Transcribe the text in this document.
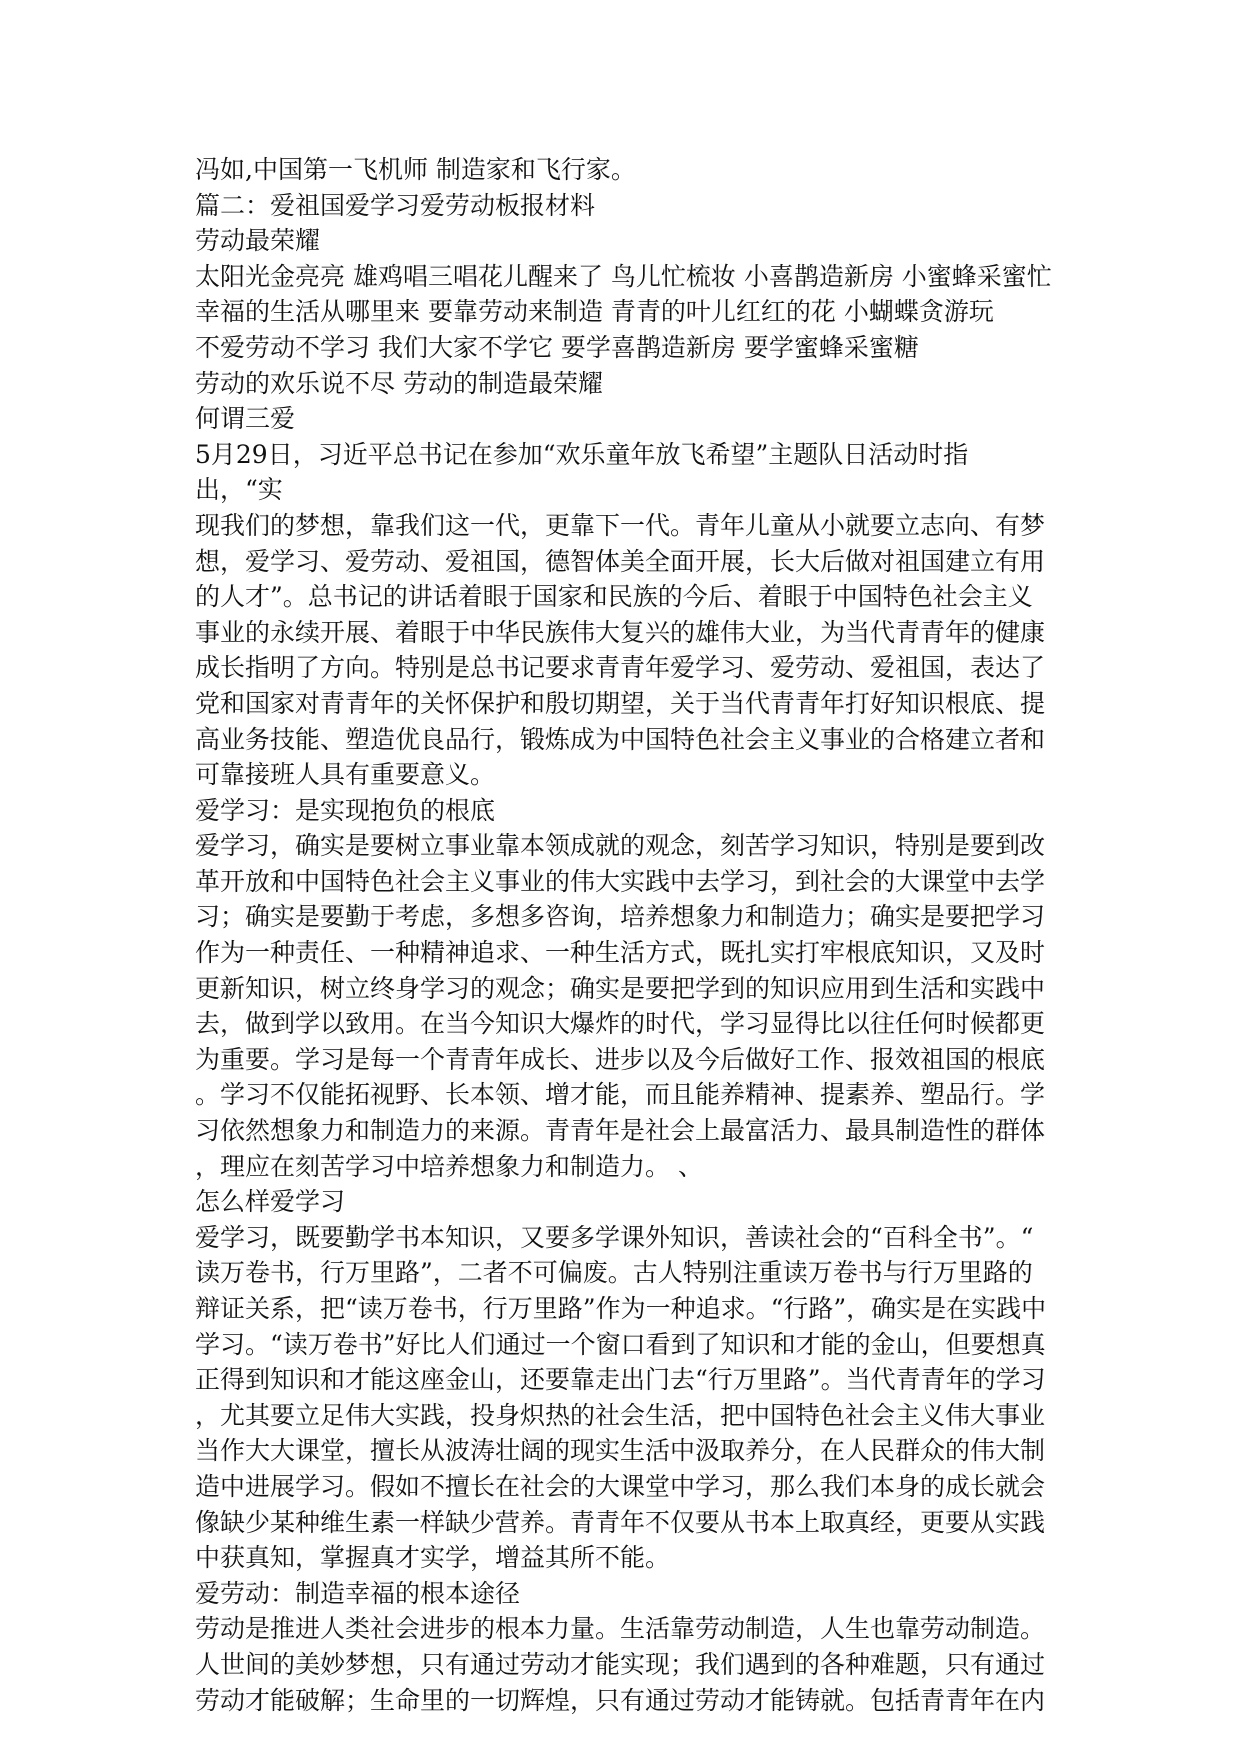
冯如,中国第一飞机师 制造家和飞行家。

篇二：爱祖国爱学习爱劳动板报材料

劳动最荣耀

太阳光金亮亮 雄鸡唱三唱花儿醒来了 鸟儿忙梳妆 小喜鹊造新房 小蜜蜂采蜜忙

幸福的生活从哪里来 要靠劳动来制造 青青的叶儿红红的花 小蝴蝶贪游玩

不爱劳动不学习 我们大家不学它 要学喜鹊造新房 要学蜜蜂采蜜糖

劳动的欢乐说不尽 劳动的制造最荣耀

何谓三爱

5月29日，习近平总书记在参加“欢乐童年放飞希望”主题队日活动时指出，“实

现我们的梦想，靠我们这一代，更靠下一代。青年儿童从小就要立志向、有梦

想，爱学习、爱劳动、爱祖国，德智体美全面开展，长大后做对祖国建立有用

的人才”。总书记的讲话着眼于国家和民族的今后、着眼于中国特色社会主义

事业的永续开展、着眼于中华民族伟大复兴的雄伟大业，为当代青青年的健康

成长指明了方向。特别是总书记要求青青年爱学习、爱劳动、爱祖国，表达了

党和国家对青青年的关怀保护和殷切期望，关于当代青青年打好知识根底、提

高业务技能、塑造优良品行，锻炼成为中国特色社会主义事业的合格建立者和

可靠接班人具有重要意义。

爱学习：是实现抱负的根底

爱学习，确实是要树立事业靠本领成就的观念，刻苦学习知识，特别是要到改

革开放和中国特色社会主义事业的伟大实践中去学习，到社会的大课堂中去学

习；确实是要勤于考虑，多想多咨询，培养想象力和制造力；确实是要把学习

作为一种责任、一种精神追求、一种生活方式，既扎实打牢根底知识，又及时

更新知识，树立终身学习的观念；确实是要把学到的知识应用到生活和实践中

去，做到学以致用。在当今知识大爆炸的时代，学习显得比以往任何时候都更

为重要。学习是每一个青青年成长、进步以及今后做好工作、报效祖国的根底

。学习不仅能拓视野、长本领、增才能，而且能养精神、提素养、塑品行。学

习依然想象力和制造力的来源。青青年是社会上最富活力、最具制造性的群体

，理应在刻苦学习中培养想象力和制造力。 、

怎么样爱学习

爱学习，既要勤学书本知识，又要多学课外知识，善读社会的“百科全书”。“

读万卷书，行万里路”，二者不可偏废。古人特别注重读万卷书与行万里路的

辩证关系，把“读万卷书，行万里路”作为一种追求。“行路”，确实是在实践中

学习。“读万卷书”好比人们通过一个窗口看到了知识和才能的金山，但要想真

正得到知识和才能这座金山，还要靠走出门去“行万里路”。当代青青年的学习

，尤其要立足伟大实践，投身炽热的社会生活，把中国特色社会主义伟大事业

当作大大课堂，擅长从波涛壮阔的现实生活中汲取养分，在人民群众的伟大制

造中进展学习。假如不擅长在社会的大课堂中学习，那么我们本身的成长就会

像缺少某种维生素一样缺少营养。青青年不仅要从书本上取真经，更要从实践

中获真知，掌握真才实学，增益其所不能。

爱劳动：制造幸福的根本途径

劳动是推进人类社会进步的根本力量。生活靠劳动制造，人生也靠劳动制造。

人世间的美妙梦想，只有通过劳动才能实现；我们遇到的各种难题，只有通过

劳动才能破解；生命里的一切辉煌，只有通过劳动才能铸就。包括青青年在内
